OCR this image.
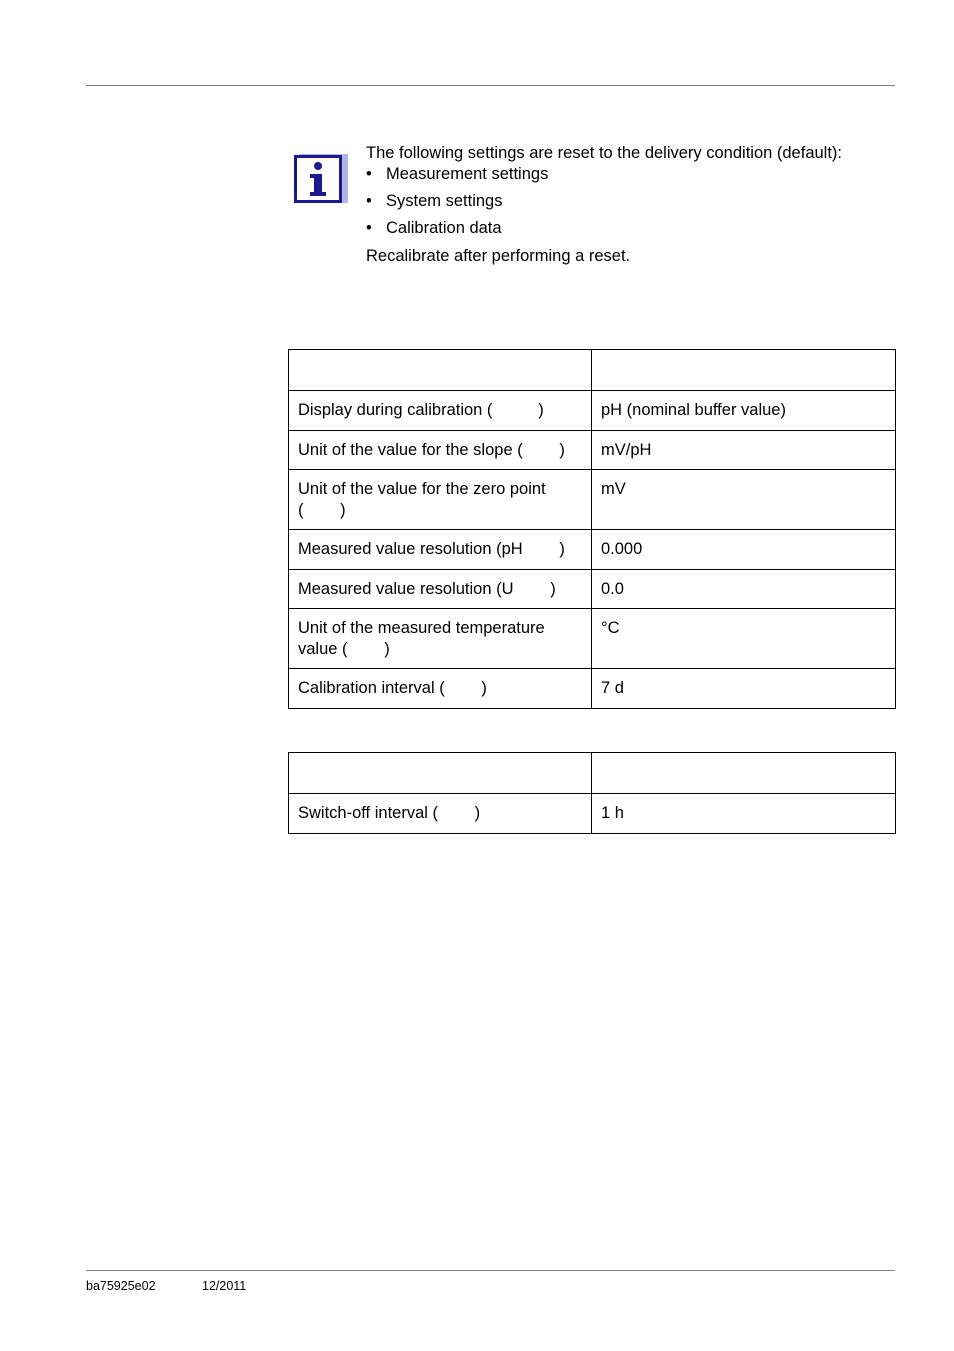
The following settings are reset to the delivery condition (default):
• Measurement settings
• System settings
• Calibration data
Recalibrate after performing a reset.

Display during calibration (          )	pH (nominal buffer value)
Unit of the value for the slope (        )	mV/pH
Unit of the value for the zero point
(        )	mV
Measured value resolution (pH        )	0.000
Measured value resolution (U        )	0.0
Unit of the measured temperature
value (        )	°C
Calibration interval (        )	7 d

Switch-off interval (        )	1 h
ba75925e02	12/2011
